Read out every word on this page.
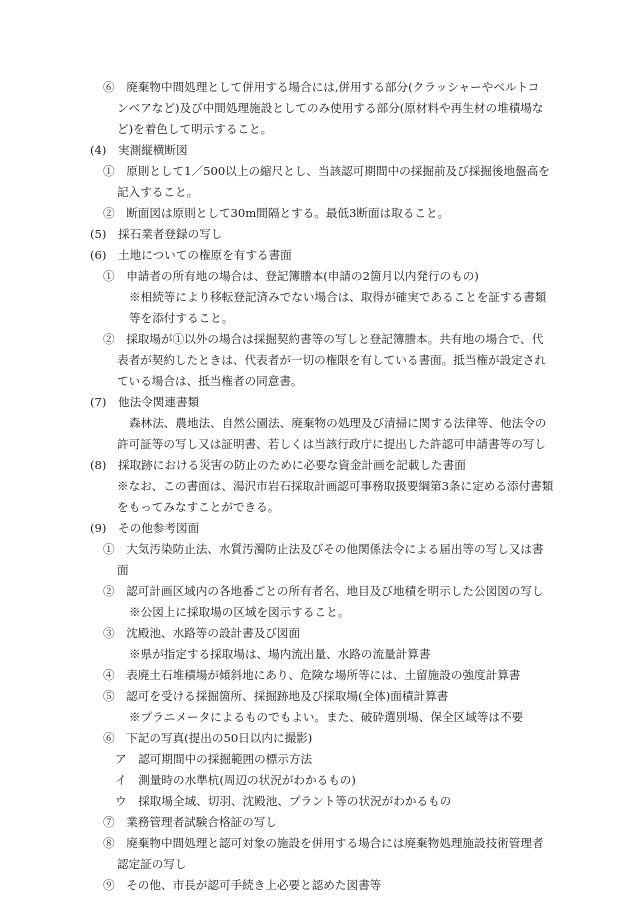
⑥　廃棄物中間処理として併用する場合には,併用する部分(クラッシャーやベルトコ
ンベアなど)及び中間処理施設としてのみ使用する部分(原材料や再生材の堆積場な
ど)を着色して明示すること。
(4)　実測縦横断図
①　原則として1／500以上の縮尺とし、当該認可期間中の採掘前及び採掘後地盤高を
記入すること。
②　断面図は原則として30m間隔とする。最低3断面は取ること。
(5)　採石業者登録の写し
(6)　土地についての権原を有する書面
①　申請者の所有地の場合は、登記簿謄本(申請の2箇月以内発行のもの)
※相続等により移転登記済みでない場合は、取得が確実であることを証する書類
等を添付すること。
②　採取場が①以外の場合は採掘契約書等の写しと登記簿謄本。共有地の場合で、代
表者が契約したときは、代表者が一切の権限を有している書面。抵当権が設定され
ている場合は、抵当権者の同意書。
(7)　他法令関連書類
森林法、農地法、自然公園法、廃棄物の処理及び清掃に関する法律等、他法令の
許可証等の写し又は証明書、若しくは当該行政庁に提出した許認可申請書等の写し
(8)　採取跡における災害の防止のために必要な資金計画を記載した書面
※なお、この書面は、湯沢市岩石採取計画認可事務取扱要綱第3条に定める添付書類
をもってみなすことができる。
(9)　その他参考図面
①　大気汚染防止法、水質汚濁防止法及びその他関係法令による届出等の写し又は書
面
②　認可計画区域内の各地番ごとの所有者名、地目及び地積を明示した公図図の写し
※公図上に採取場の区域を図示すること。
③　沈殿池、水路等の設計書及び図面
※県が指定する採取場は、場内流出量、水路の流量計算書
④　表廃土石堆積場が傾斜地にあり、危険な場所等には、土留施設の強度計算書
⑤　認可を受ける採掘箇所、採掘跡地及び採取場(全体)面積計算書
※プラニメータによるものでもよい。また、破砕選別場、保全区域等は不要
⑥　下記の写真(提出の50日以内に撮影)
ア　認可期間中の採掘範囲の標示方法
イ　測量時の水準杭(周辺の状況がわかるもの)
ウ　採取場全域、切羽、沈殿池、プラント等の状況がわかるもの
⑦　業務管理者試験合格証の写し
⑧　廃棄物中間処理と認可対象の施設を併用する場合には廃棄物処理施設技術管理者
認定証の写し
⑨　その他、市長が認可手続き上必要と認めた図書等
